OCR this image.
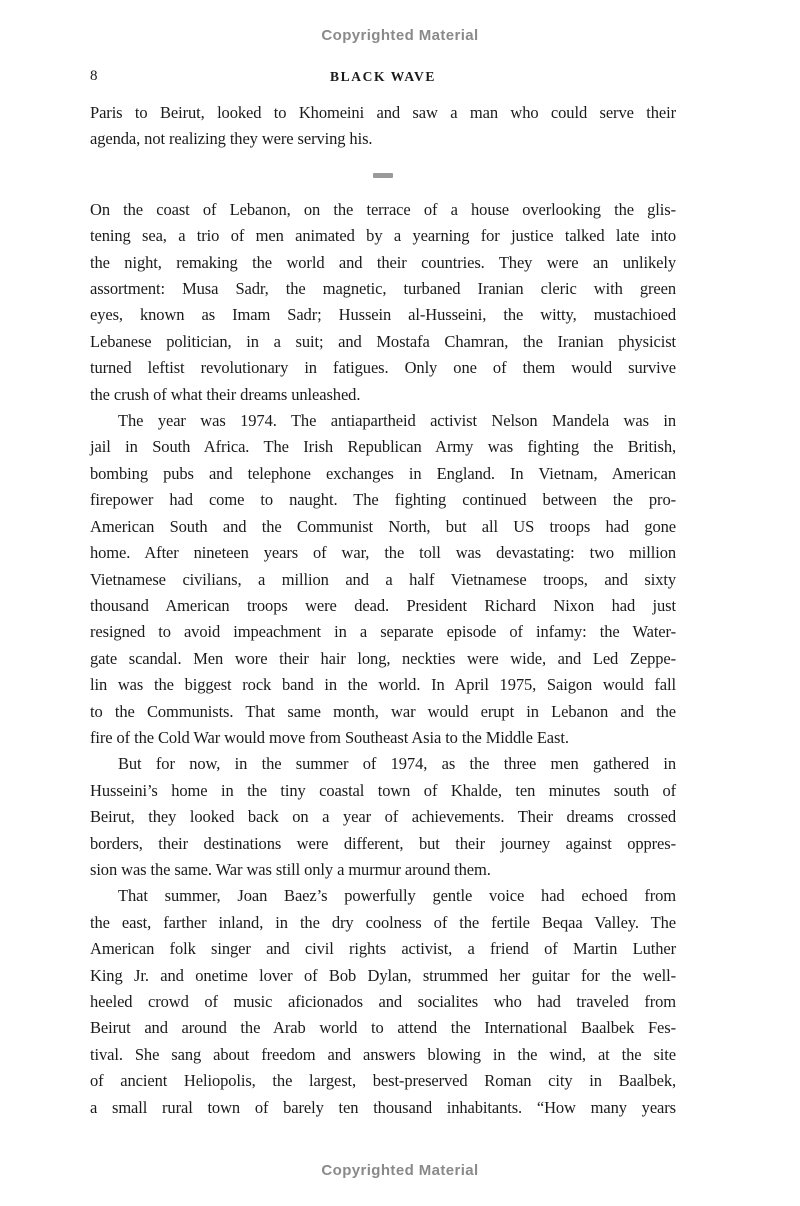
Copyrighted Material
8	BLACK WAVE
Paris to Beirut, looked to Khomeini and saw a man who could serve their
agenda, not realizing they were serving his.
On the coast of Lebanon, on the terrace of a house overlooking the glis-
tening sea, a trio of men animated by a yearning for justice talked late into
the night, remaking the world and their countries. They were an unlikely
assortment: Musa Sadr, the magnetic, turbaned Iranian cleric with green
eyes, known as Imam Sadr; Hussein al-Husseini, the witty, mustachioed
Lebanese politician, in a suit; and Mostafa Chamran, the Iranian physicist
turned leftist revolutionary in fatigues. Only one of them would survive
the crush of what their dreams unleashed.
The year was 1974. The antiapartheid activist Nelson Mandela was in
jail in South Africa. The Irish Republican Army was fighting the British,
bombing pubs and telephone exchanges in England. In Vietnam, American
firepower had come to naught. The fighting continued between the pro-
American South and the Communist North, but all US troops had gone
home. After nineteen years of war, the toll was devastating: two million
Vietnamese civilians, a million and a half Vietnamese troops, and sixty
thousand American troops were dead. President Richard Nixon had just
resigned to avoid impeachment in a separate episode of infamy: the Water-
gate scandal. Men wore their hair long, neckties were wide, and Led Zeppe-
lin was the biggest rock band in the world. In April 1975, Saigon would fall
to the Communists. That same month, war would erupt in Lebanon and the
fire of the Cold War would move from Southeast Asia to the Middle East.
But for now, in the summer of 1974, as the three men gathered in
Husseini’s home in the tiny coastal town of Khalde, ten minutes south of
Beirut, they looked back on a year of achievements. Their dreams crossed
borders, their destinations were different, but their journey against oppres-
sion was the same. War was still only a murmur around them.
That summer, Joan Baez’s powerfully gentle voice had echoed from
the east, farther inland, in the dry coolness of the fertile Beqaa Valley. The
American folk singer and civil rights activist, a friend of Martin Luther
King Jr. and onetime lover of Bob Dylan, strummed her guitar for the well-
heeled crowd of music aficionados and socialites who had traveled from
Beirut and around the Arab world to attend the International Baalbek Fes-
tival. She sang about freedom and answers blowing in the wind, at the site
of ancient Heliopolis, the largest, best-preserved Roman city in Baalbek,
a small rural town of barely ten thousand inhabitants. “How many years
Copyrighted Material
